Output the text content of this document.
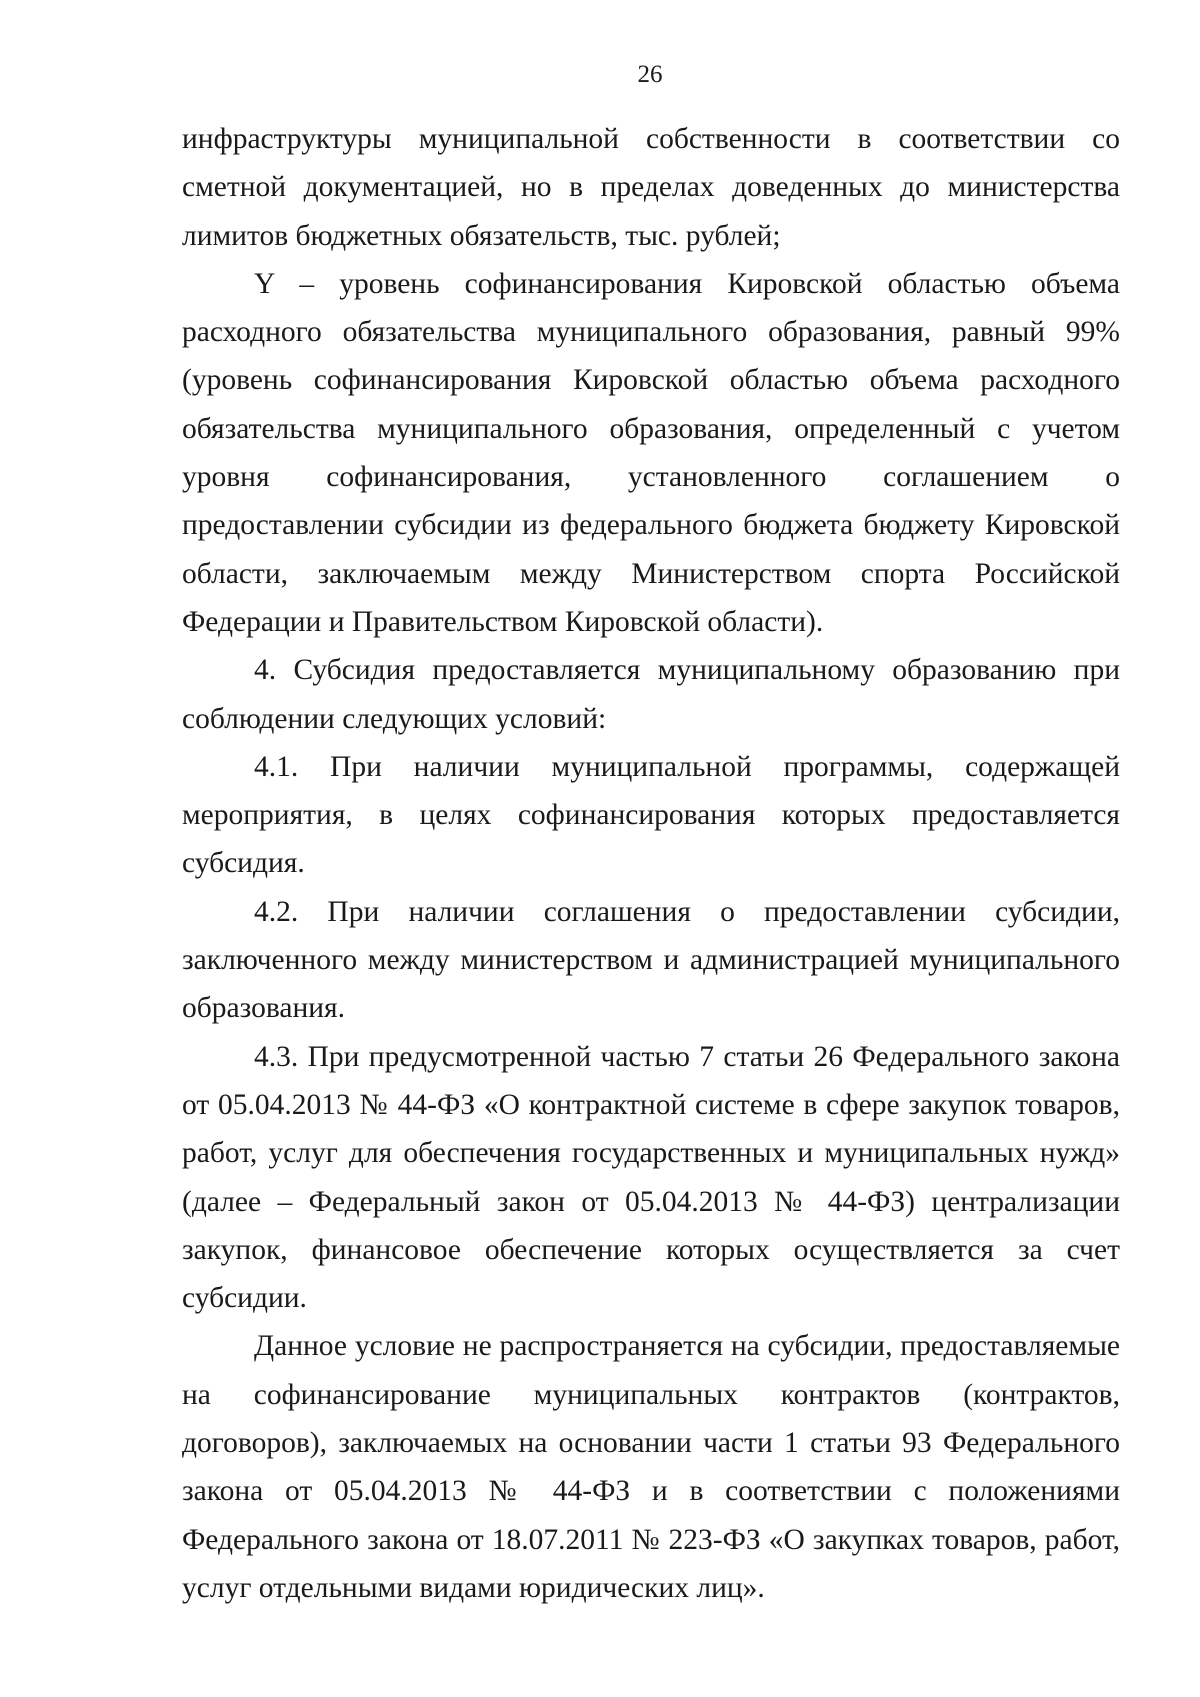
26

инфраструктуры муниципальной собственности в соответствии со сметной документацией, но в пределах доведенных до министерства лимитов бюджетных обязательств, тыс. рублей;

Y – уровень софинансирования Кировской областью объема расходного обязательства муниципального образования, равный 99% (уровень софинансирования Кировской областью объема расходного обязательства муниципального образования, определенный с учетом уровня софинансирования, установленного соглашением о предоставлении субсидии из федерального бюджета бюджету Кировской области, заключаемым между Министерством спорта Российской Федерации и Правительством Кировской области).

4. Субсидия предоставляется муниципальному образованию при соблюдении следующих условий:

4.1. При наличии муниципальной программы, содержащей мероприятия, в целях софинансирования которых предоставляется субсидия.

4.2. При наличии соглашения о предоставлении субсидии, заключенного между министерством и администрацией муниципального образования.

4.3. При предусмотренной частью 7 статьи 26 Федерального закона от 05.04.2013 № 44-ФЗ «О контрактной системе в сфере закупок товаров, работ, услуг для обеспечения государственных и муниципальных нужд» (далее – Федеральный закон от 05.04.2013 № 44-ФЗ) централизации закупок, финансовое обеспечение которых осуществляется за счет субсидии.

Данное условие не распространяется на субсидии, предоставляемые на софинансирование муниципальных контрактов (контрактов, договоров), заключаемых на основании части 1 статьи 93 Федерального закона от 05.04.2013 № 44-ФЗ и в соответствии с положениями Федерального закона от 18.07.2011 № 223-ФЗ «О закупках товаров, работ, услуг отдельными видами юридических лиц».
